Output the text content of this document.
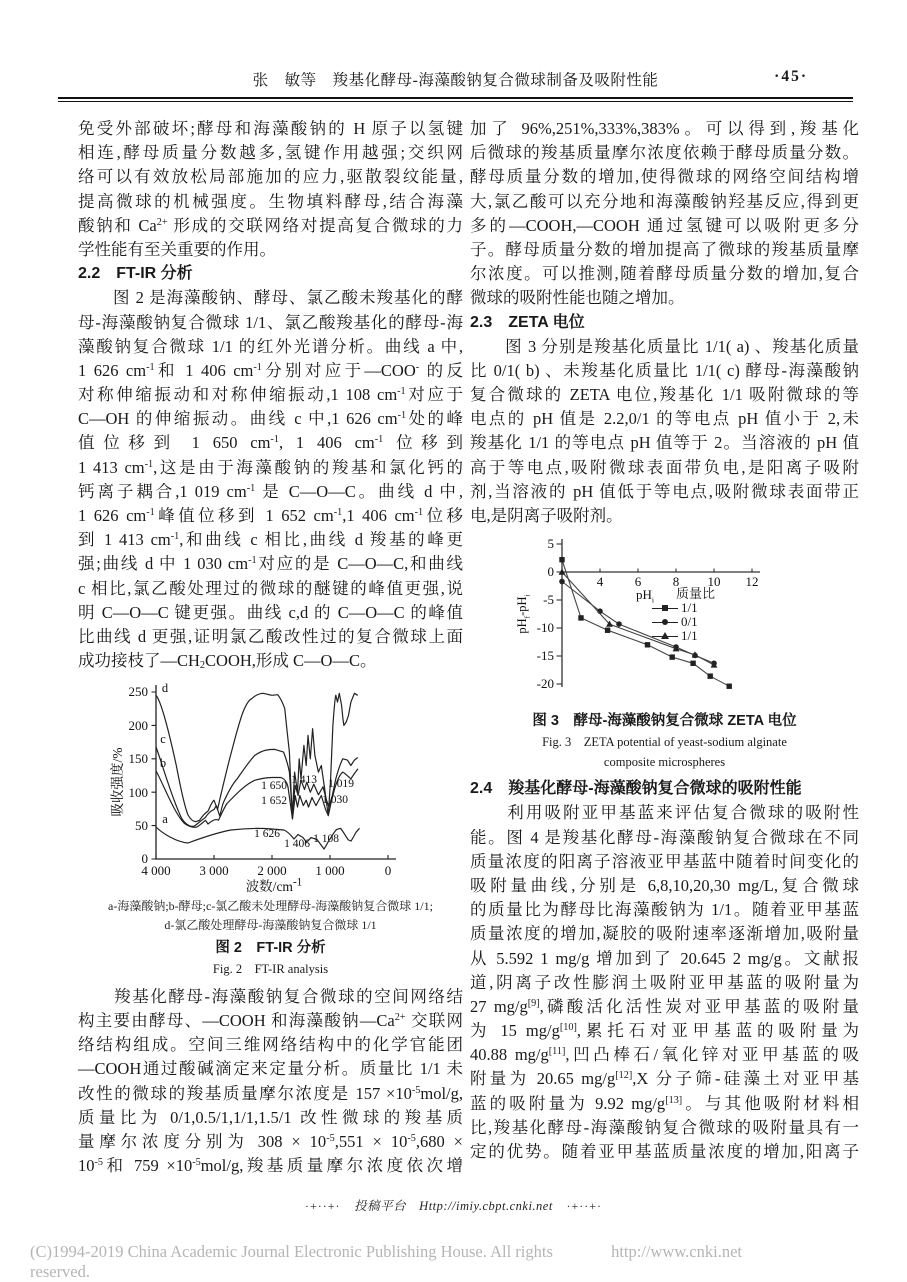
张　敏等　羧基化酵母-海藻酸钠复合微球制备及吸附性能	·45·
免受外部破坏;酵母和海藻酸钠的 H 原子以氢键
相连,酵母质量分数越多,氢键作用越强;交织网
络可以有效放松局部施加的应力,驱散裂纹能量,
提高微球的机械强度。生物填料酵母,结合海藻
酸钠和 $Ca^{2+}$ 形成的交联网络对提高复合微球的力
学性能有至关重要的作用。
2.2　FT-IR 分析
　　图 2 是海藻酸钠、酵母、氯乙酸未羧基化的酵
母-海藻酸钠复合微球 1/1、氯乙酸羧基化的酵母-海
藻酸钠复合微球 1/1 的红外光谱分析。曲线 a 中,
1 626 $cm^{-1}$和 1 406 $cm^{-1}$分别对应于—COO- 的反
对称伸缩振动和对称伸缩振动,1 108 $cm^{-1}$对应于
C—OH 的伸缩振动。曲线 c 中,1 626 $cm^{-1}$处的峰
值位移到 1 650 $cm^{-1}$, 1 406 $cm^{-1}$ 位移到
1 413 $cm^{-1}$,这是由于海藻酸钠的羧基和氯化钙的
钙离子耦合,1 019 $cm^{-1}$ 是 C—O—C。曲线 d 中,
1 626 $cm^{-1}$峰值位移到 1 652 $cm^{-1},1$ 406 $cm^{-1}$位移
到 1 413 $cm^{-1}$,和曲线 c 相比,曲线 d 羧基的峰更
强;曲线 d 中 1 030 $cm^{-1}$对应的是 C—O—C,和曲线
c 相比,氯乙酸处理过的微球的醚键的峰值更强,说
明 C—O—C 键更强。曲线 c,d 的 C—O—C 的峰值
比曲线 d 更强,证明氯乙酸改性过的复合微球上面
成功接枝了$—CH_2COOH$,形成 C—O—C。
吸收强度/%
波数$/cm^{-1}$
0
50
100
150
200
250
4 000	3 000	2 000	1 000	0
1 650
1 652
1 413 1 019
1 030
1 626
1 406 1 108
d
c
b
a
a-海藻酸钠;b-酵母;c-氯乙酸未处理酵母-海藻酸钠复合微球 1/1;
d-氯乙酸处理酵母-海藻酸钠复合微球 1/1
图 2　FT-IR 分析
Fig. 2　FT-IR analysis
　　羧基化酵母-海藻酸钠复合微球的空间网络结
构主要由酵母、—COOH 和海藻酸钠$—Ca^{2+}$ 交联网
络结构组成。空间三维网络结构中的化学官能团
—COOH通过酸碱滴定来定量分析。质量比 1/1 未
改性的微球的羧基质量摩尔浓度是 $157 \times 10^{-5}mol/g$,
质量比为 0/1,0.5/1,1/1,1.5/1 改性微球的羧基质
量摩尔浓度分别为 $308 \times 10^{-5},551 \times 10^{-5},680$ ×
$10^{-5}$和 $759 \times 10^{-5}mol/g$,羧基质量摩尔浓度依次增
加了 96%,251%,333%,383%。可以得到,羧基化
后微球的羧基质量摩尔浓度依赖于酵母质量分数。
酵母质量分数的增加,使得微球的网络空间结构增
大,氯乙酸可以充分地和海藻酸钠羟基反应,得到更
多的—COOH,—COOH 通过氢键可以吸附更多分
子。酵母质量分数的增加提高了微球的羧基质量摩
尔浓度。可以推测,随着酵母质量分数的增加,复合
微球的吸附性能也随之增加。
2.3　ZETA 电位
　　图 3 分别是羧基化质量比 1/1( a) 、羧基化质量
比 0/1( b) 、未羧基化质量比 1/1( c) 酵母-海藻酸钠
复合微球的 ZETA 电位,羧基化 1/1 吸附微球的等
电点的 pH 值是 2.2,0/1 的等电点 pH 值小于 2,未
羧基化 1/1 的等电点 pH 值等于 2。当溶液的 pH 值
高于等电点,吸附微球表面带负电,是阳离子吸附
剂,当溶液的 pH 值低于等电点,吸附微球表面带正
电,是阴离子吸附剂。
$pH_f-pH_i$	$pH_i$
5
0
-5
-10
-15
-20
4	6	8	10 12
质量比
1/1
0/1
1/1
图 3　酵母-海藻酸钠复合微球 ZETA 电位
Fig. 3　ZETA potential of yeast-sodium alginate
composite microspheres
2.4　羧基化酵母-海藻酸钠复合微球的吸附性能
　　利用吸附亚甲基蓝来评估复合微球的吸附性
能。图 4 是羧基化酵母-海藻酸钠复合微球在不同
质量浓度的阳离子溶液亚甲基蓝中随着时间变化的
吸附量曲线,分别是 6,8,10,20,30 mg/L,复合微球
的质量比为酵母比海藻酸钠为 1/1。随着亚甲基蓝
质量浓度的增加,凝胶的吸附速率逐渐增加,吸附量
从 5.592 1 mg/g 增加到了 20.645 2 mg/g。文献报
道,阴离子改性膨润土吸附亚甲基蓝的吸附量为
27 mg/g[9],磷酸活化活性炭对亚甲基蓝的吸附量
为 15 mg/g[10],累托石对亚甲基蓝的吸附量为
40.88 mg/g[11],凹凸棒石/氧化锌对亚甲基蓝的吸
附量为 20.65 mg/g[12],X 分子筛-硅藻土对亚甲基
蓝的吸附量为 9.92 mg/g[13]。与其他吸附材料相
比,羧基化酵母-海藻酸钠复合微球的吸附量具有一
定的优势。随着亚甲基蓝质量浓度的增加,阳离子
·+··+· 投稿平台　Http://imiy.cbpt.cnki.net ·+··+·
(C)1994-2019 China Academic Journal Electronic Publishing House. All rights reserved.
http://www.cnki.net
